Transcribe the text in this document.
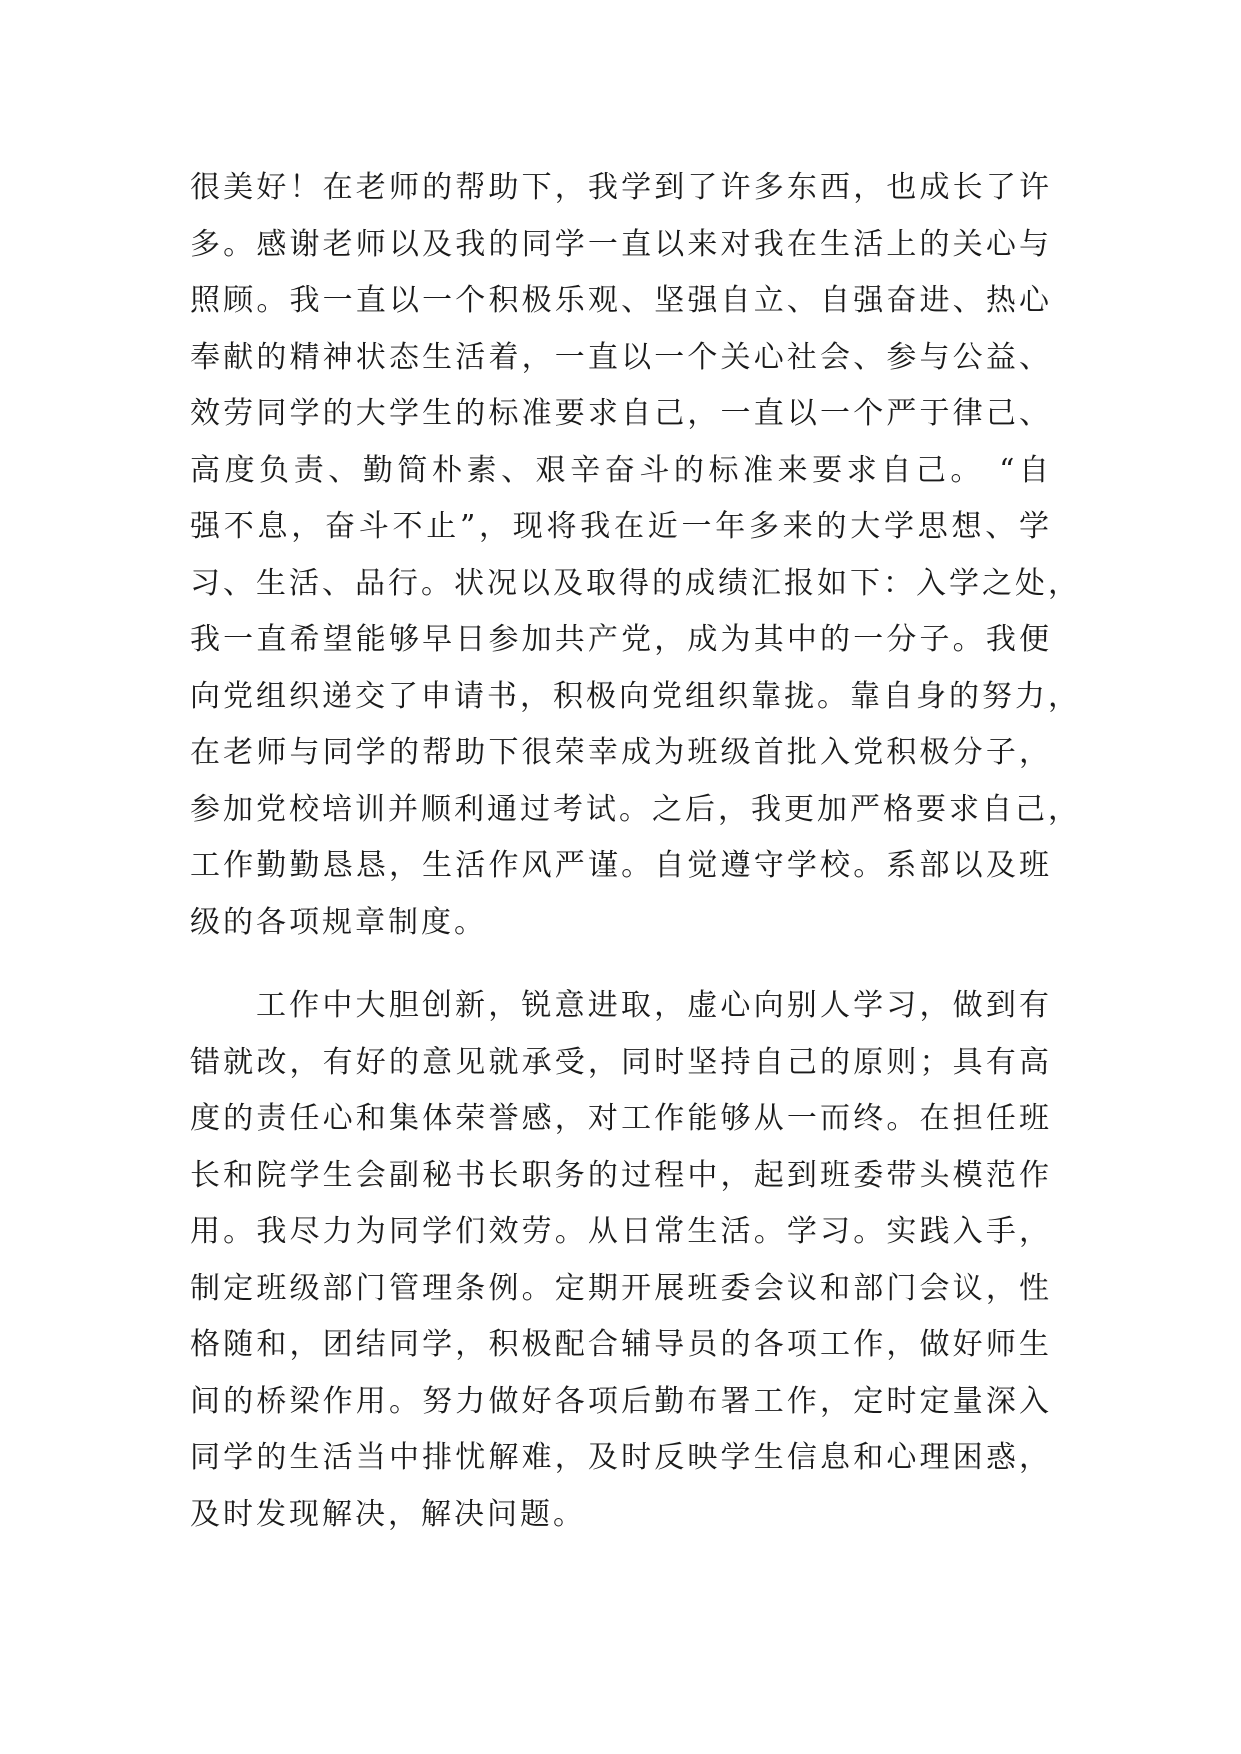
很美好！在老师的帮助下，我学到了许多东西，也成长了许
多。感谢老师以及我的同学一直以来对我在生活上的关心与
照顾。我一直以一个积极乐观、坚强自立、自强奋进、热心
奉献的精神状态生活着，一直以一个关心社会、参与公益、
效劳同学的大学生的标准要求自己，一直以一个严于律己、
高度负责、勤简朴素、艰辛奋斗的标准来要求自己。 “自
强不息，奋斗不止”，现将我在近一年多来的大学思想、学
习、生活、品行。状况以及取得的成绩汇报如下：入学之处，
我一直希望能够早日参加共产党，成为其中的一分子。我便
向党组织递交了申请书，积极向党组织靠拢。靠自身的努力，
在老师与同学的帮助下很荣幸成为班级首批入党积极分子，
参加党校培训并顺利通过考试。之后，我更加严格要求自己，
工作勤勤恳恳，生活作风严谨。自觉遵守学校。系部以及班
级的各项规章制度。
工作中大胆创新，锐意进取，虚心向别人学习，做到有
错就改，有好的意见就承受，同时坚持自己的原则；具有高
度的责任心和集体荣誉感，对工作能够从一而终。在担任班
长和院学生会副秘书长职务的过程中，起到班委带头模范作
用。我尽力为同学们效劳。从日常生活。学习。实践入手，
制定班级部门管理条例。定期开展班委会议和部门会议，性
格随和，团结同学，积极配合辅导员的各项工作，做好师生
间的桥梁作用。努力做好各项后勤布署工作，定时定量深入
同学的生活当中排忧解难，及时反映学生信息和心理困惑，
及时发现解决，解决问题。
